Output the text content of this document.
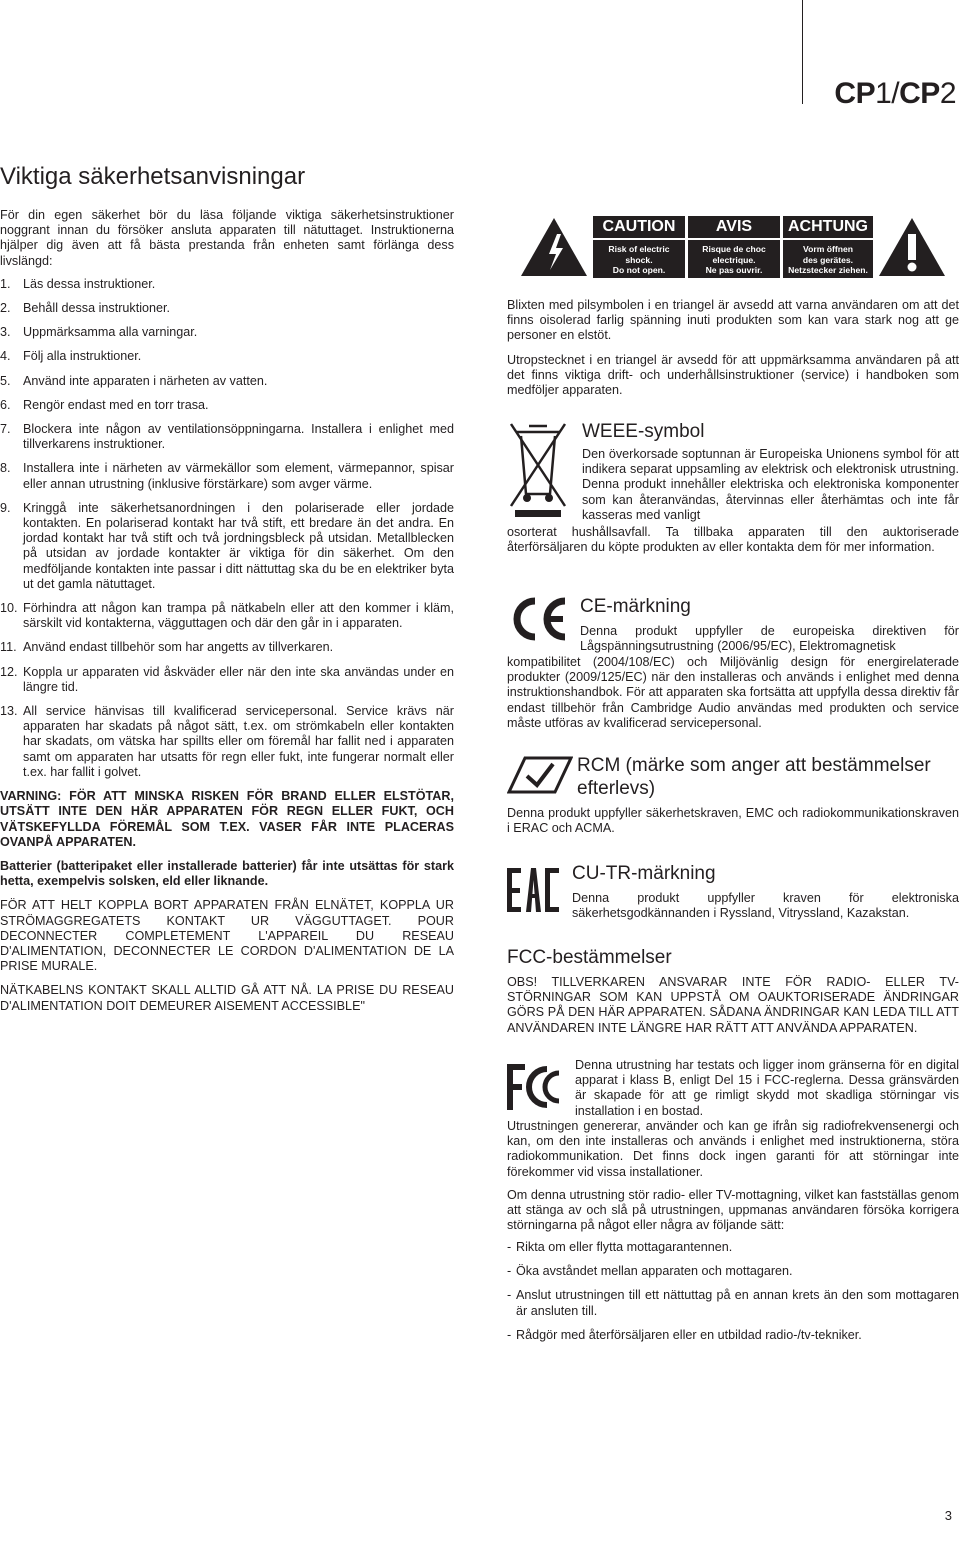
CP1/CP2
Viktiga säkerhetsanvisningar

För din egen säkerhet bör du läsa följande viktiga säkerhetsinstruktioner noggrant innan du försöker ansluta apparaten till nätuttaget. Instruktionerna hjälper dig även att få bästa prestanda från enheten samt förlänga dess livslängd:

1. Läs dessa instruktioner.
2. Behåll dessa instruktioner.
3. Uppmärksamma alla varningar.
4. Följ alla instruktioner.
5. Använd inte apparaten i närheten av vatten.
6. Rengör endast med en torr trasa.
7. Blockera inte någon av ventilationsöppningarna. Installera i enlighet med tillverkarens instruktioner.
8. Installera inte i närheten av värmekällor som element, värmepannor, spisar eller annan utrustning (inklusive förstärkare) som avger värme.
9. Kringgå inte säkerhetsanordningen i den polariserade eller jordade kontakten. En polariserad kontakt har två stift, ett bredare än det andra. En jordad kontakt har två stift och två jordningsbleck på utsidan. Metallblecken på utsidan av jordade kontakter är viktiga för din säkerhet. Om den medföljande kontakten inte passar i ditt nättuttag ska du be en elektriker byta ut det gamla nätuttaget.
10. Förhindra att någon kan trampa på nätkabeln eller att den kommer i kläm, särskilt vid kontakterna, vägguttagen och där den går in i apparaten.
11. Använd endast tillbehör som har angetts av tillverkaren.
12. Koppla ur apparaten vid åskväder eller när den inte ska användas under en längre tid.
13. All service hänvisas till kvalificerad servicepersonal. Service krävs när apparaten har skadats på något sätt, t.ex. om strömkabeln eller kontakten har skadats, om vätska har spillts eller om föremål har fallit ned i apparaten samt om apparaten har utsatts för regn eller fukt, inte fungerar normalt eller t.ex. har fallit i golvet.

VARNING: FÖR ATT MINSKA RISKEN FÖR BRAND ELLER ELSTÖTAR, UTSÄTT INTE DEN HÄR APPARATEN FÖR REGN ELLER FUKT, OCH VÄTSKEFYLLDA FÖREMÅL SOM T.EX. VASER FÅR INTE PLACERAS OVANPÅ APPARATEN.

Batterier (batteripaket eller installerade batterier) får inte utsättas för stark hetta, exempelvis solsken, eld eller liknande.

FÖR ATT HELT KOPPLA BORT APPARATEN FRÅN ELNÄTET, KOPPLA UR STRÖMAGGREGATETS KONTAKT UR VÄGGUTTAGET. POUR DECONNECTER COMPLETEMENT L'APPAREIL DU RESEAU D'ALIMENTATION, DECONNECTER LE CORDON D'ALIMENTATION DE LA PRISE MURALE.

NÄTKABELNS KONTAKT SKALL ALLTID GÅ ATT NÅ. LA PRISE DU RESEAU D'ALIMENTATION DOIT DEMEURER AISEMENT ACCESSIBLE"

CAUTION
Risk of electric
shock.
Do not open.
AVIS
Risque de choc
electrique.
Ne pas ouvrir.
ACHTUNG
Vorm öffnen
des gerätes.
Netzstecker ziehen.

Blixten med pilsymbolen i en triangel är avsedd att varna användaren om att det finns oisolerad farlig spänning inuti produkten som kan vara stark nog att ge personer en elstöt.

Utropstecknet i en triangel är avsedd för att uppmärksamma användaren på att det finns viktiga drift- och underhållsinstruktioner (service) i handboken som medföljer apparaten.

WEEE-symbol
Den överkorsade soptunnan är Europeiska Unionens symbol för att indikera separat uppsamling av elektrisk och elektronisk utrustning. Denna produkt innehåller elektriska och elektroniska komponenter som kan återanvändas, återvinnas eller återhämtas och inte får kasseras med vanligt
osorterat hushållsavfall. Ta tillbaka apparaten till den auktoriserade återförsäljaren du köpte produkten av eller kontakta dem för mer information.
CE-märkning
Denna produkt uppfyller de europeiska direktiven för Lågspänningsutrustning (2006/95/EC), Elektromagnetisk
kompatibilitet (2004/108/EC) och Miljövänlig design för energirelaterade produkter (2009/125/EC) när den installeras och används i enlighet med denna instruktionshandbok. För att apparaten ska fortsätta att uppfylla dessa direktiv får endast tillbehör från Cambridge Audio användas med produkten och service måste utföras av kvalificerad servicepersonal.
RCM (märke som anger att bestämmelser
efterlevs)
Denna produkt uppfyller säkerhetskraven, EMC och radiokommunikationskraven i ERAC och ACMA.
CU-TR-märkning
Denna produkt uppfyller kraven för elektroniska säkerhetsgodkännanden i Ryssland, Vitryssland, Kazakstan.
FCC-bestämmelser
OBS! TILLVERKAREN ANSVARAR INTE FÖR RADIO- ELLER TV-STÖRNINGAR SOM KAN UPPSTÅ OM OAUKTORISERADE ÄNDRINGAR GÖRS PÅ DEN HÄR APPARATEN. SÅDANA ÄNDRINGAR KAN LEDA TILL ATT ANVÄNDAREN INTE LÄNGRE HAR RÄTT ATT ANVÄNDA APPARATEN.
Denna utrustning har testats och ligger inom gränserna för en digital apparat i klass B, enligt Del 15 i FCC-reglerna. Dessa gränsvärden är skapade för att ge rimligt skydd mot skadliga störningar vis installation i en bostad.
Utrustningen genererar, använder och kan ge ifrån sig radiofrekvensenergi och kan, om den inte installeras och används i enlighet med instruktionerna, störa radiokommunikation. Det finns dock ingen garanti för att störningar inte förekommer vid vissa installationer.
Om denna utrustning stör radio- eller TV-mottagning, vilket kan fastställas genom att stänga av och slå på utrustningen, uppmanas användaren försöka korrigera störningarna på något eller några av följande sätt:
- Rikta om eller flytta mottagarantennen.
- Öka avståndet mellan apparaten och mottagaren.
- Anslut utrustningen till ett nättuttag på en annan krets än den som mottagaren är ansluten till.
- Rådgör med återförsäljaren eller en utbildad radio-/tv-tekniker.
3
